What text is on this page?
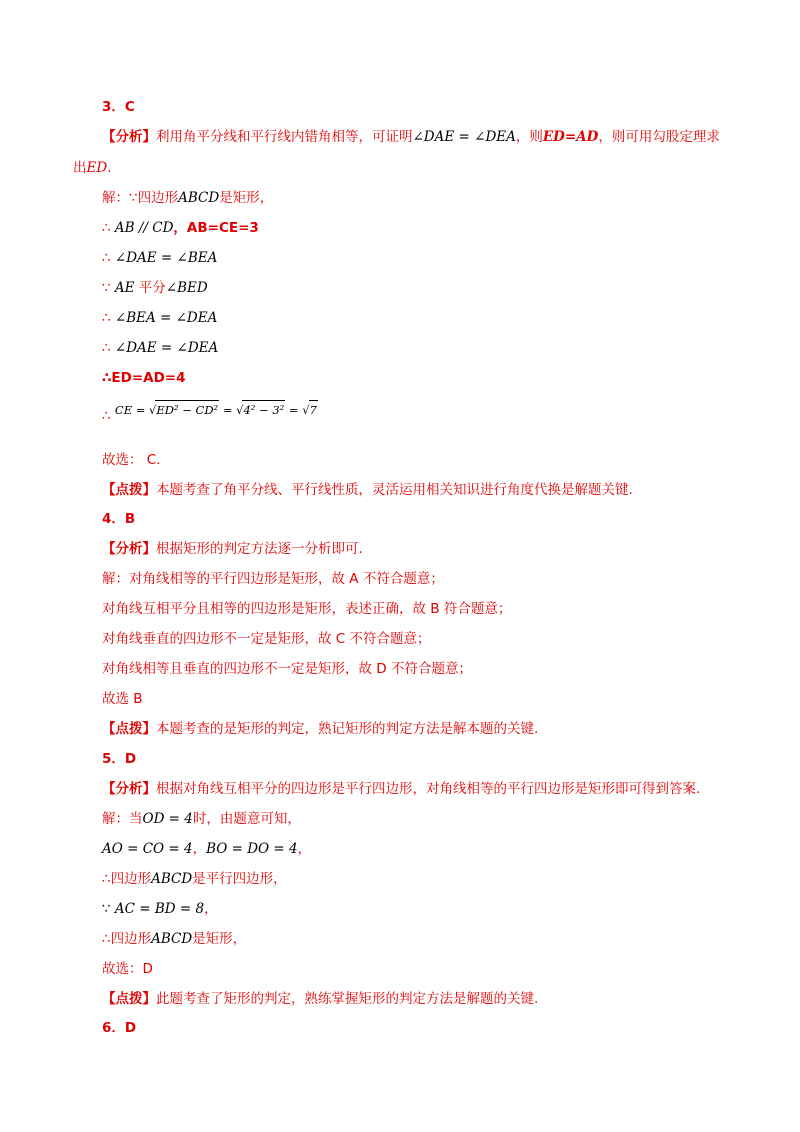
3．C
【分析】利用角平分线和平行线内错角相等，可证明∠DAE = ∠DEA，则ED=AD，则可用勾股定理求
出ED.
解：∵四边形ABCD是矩形，
∴ AB // CD，AB=CE=3
∴ ∠DAE = ∠BEA
∵ AE 平分∠BED
∴ ∠BEA = ∠DEA
∴ ∠DAE = ∠DEA
∴ED=AD=4
∴ CE = √ED² − CD² = √4² − 3² = √7
故选： C.
【点拨】本题考查了角平分线、平行线性质，灵活运用相关知识进行角度代换是解题关键.
4．B
【分析】根据矩形的判定方法逐一分析即可.
解：对角线相等的平行四边形是矩形，故 A 不符合题意；
对角线互相平分且相等的四边形是矩形，表述正确，故 B 符合题意；
对角线垂直的四边形不一定是矩形，故 C 不符合题意；
对角线相等且垂直的四边形不一定是矩形，故 D 不符合题意；
故选 B
【点拨】本题考查的是矩形的判定，熟记矩形的判定方法是解本题的关键.
5．D
【分析】根据对角线互相平分的四边形是平行四边形，对角线相等的平行四边形是矩形即可得到答案.
解：当OD = 4时，由题意可知，
AO = CO = 4，BO = DO = 4，
∴四边形ABCD是平行四边形，
∵ AC = BD = 8，
∴四边形ABCD是矩形，
故选：D
【点拨】此题考查了矩形的判定，熟练掌握矩形的判定方法是解题的关键.
6．D
